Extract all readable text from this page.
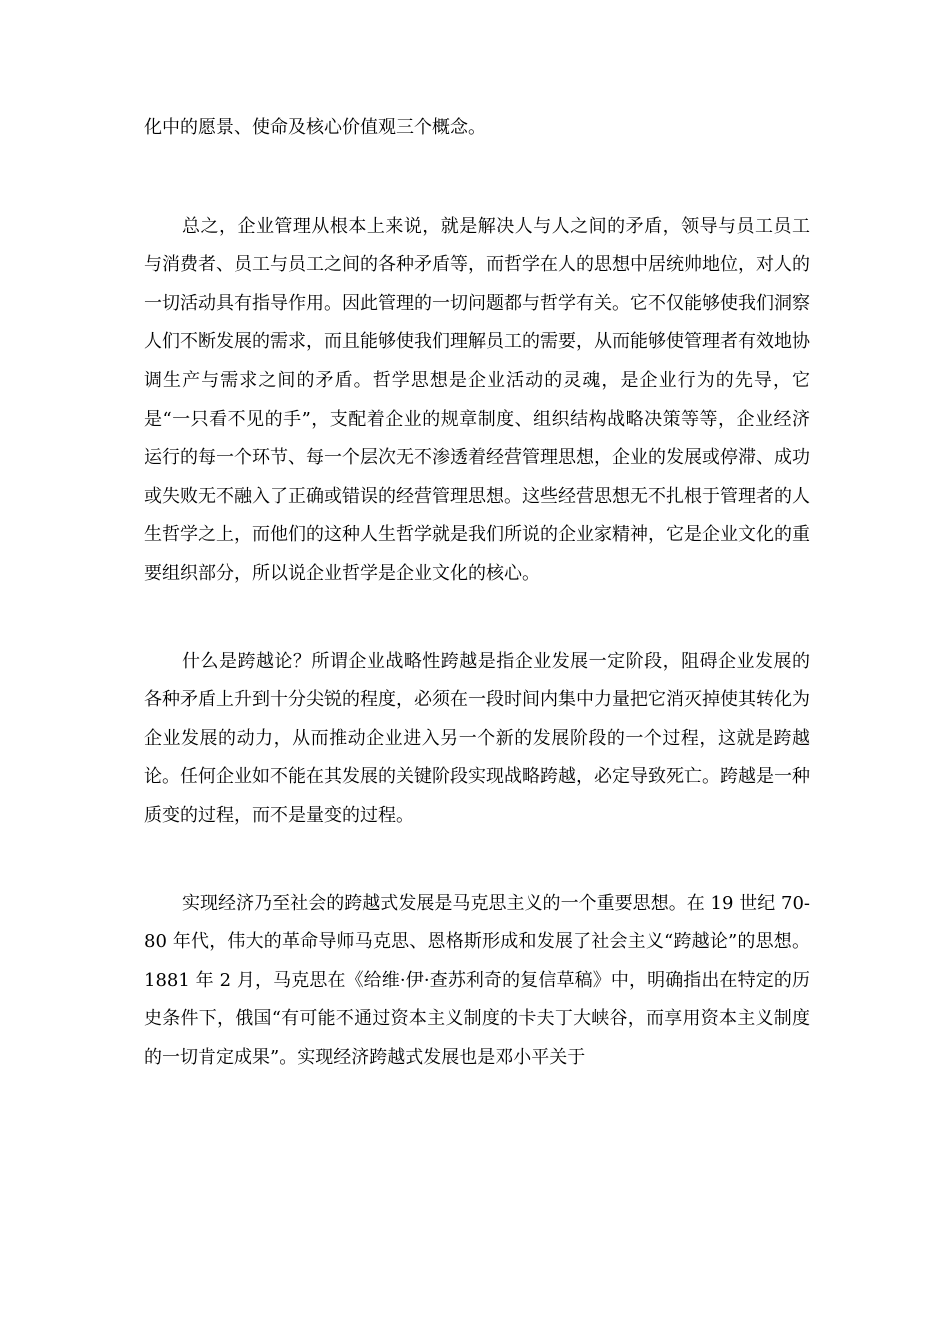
化中的愿景、使命及核心价值观三个概念。

总之，企业管理从根本上来说，就是解决人与人之间的矛盾，领导与员工员工与消费者、员工与员工之间的各种矛盾等，而哲学在人的思想中居统帅地位，对人的一切活动具有指导作用。因此管理的一切问题都与哲学有关。它不仅能够使我们洞察人们不断发展的需求，而且能够使我们理解员工的需要，从而能够使管理者有效地协调生产与需求之间的矛盾。哲学思想是企业活动的灵魂，是企业行为的先导，它是“一只看不见的手”，支配着企业的规章制度、组织结构战略决策等等，企业经济运行的每一个环节、每一个层次无不渗透着经营管理思想，企业的发展或停滞、成功或失败无不融入了正确或错误的经营管理思想。这些经营思想无不扎根于管理者的人生哲学之上，而他们的这种人生哲学就是我们所说的企业家精神，它是企业文化的重要组织部分，所以说企业哲学是企业文化的核心。

什么是跨越论？所谓企业战略性跨越是指企业发展一定阶段，阻碍企业发展的各种矛盾上升到十分尖锐的程度，必须在一段时间内集中力量把它消灭掉使其转化为企业发展的动力，从而推动企业进入另一个新的发展阶段的一个过程，这就是跨越论。任何企业如不能在其发展的关键阶段实现战略跨越，必定导致死亡。跨越是一种质变的过程，而不是量变的过程。

实现经济乃至社会的跨越式发展是马克思主义的一个重要思想。在 19 世纪 70-80 年代，伟大的革命导师马克思、恩格斯形成和发展了社会主义“跨越论”的思想。1881 年 2 月，马克思在《给维·伊·查苏利奇的复信草稿》中，明确指出在特定的历史条件下，俄国“有可能不通过资本主义制度的卡夫丁大峡谷，而享用资本主义制度的一切肯定成果”。实现经济跨越式发展也是邓小平关于
